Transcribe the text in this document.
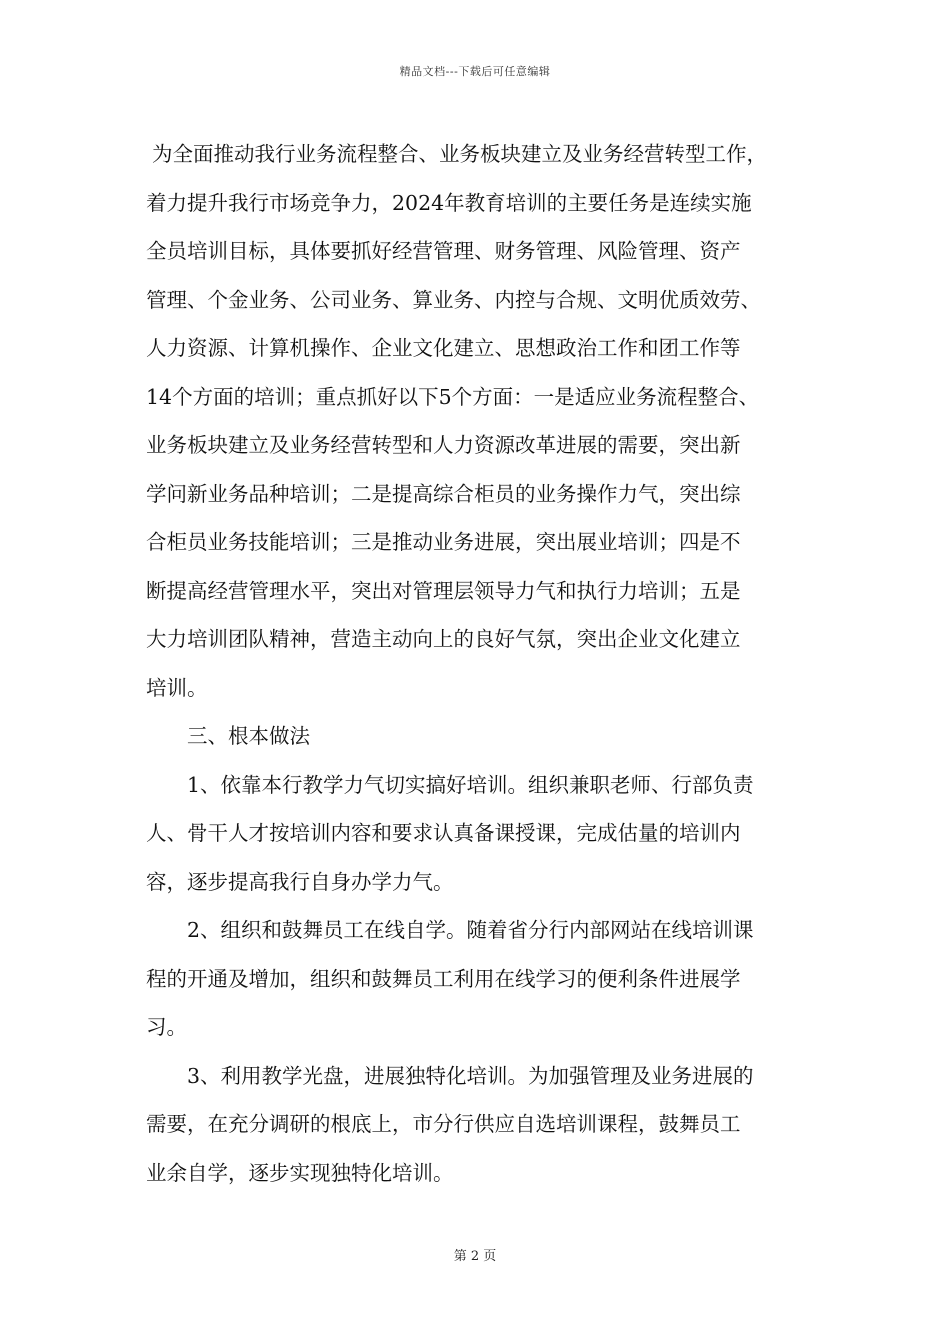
精品文档---下载后可任意编辑
为全面推动我行业务流程整合、业务板块建立及业务经营转型工作，
着力提升我行市场竞争力，2024年教育培训的主要任务是连续实施
全员培训目标，具体要抓好经营管理、财务管理、风险管理、资产
管理、个金业务、公司业务、算业务、内控与合规、文明优质效劳、
人力资源、计算机操作、企业文化建立、思想政治工作和团工作等
14个方面的培训；重点抓好以下5个方面：一是适应业务流程整合、
业务板块建立及业务经营转型和人力资源改革进展的需要，突出新
学问新业务品种培训；二是提高综合柜员的业务操作力气，突出综
合柜员业务技能培训；三是推动业务进展，突出展业培训；四是不
断提高经营管理水平，突出对管理层领导力气和执行力培训；五是
大力培训团队精神，营造主动向上的良好气氛，突出企业文化建立
培训。
三、根本做法
1、依靠本行教学力气切实搞好培训。组织兼职老师、行部负责
人、骨干人才按培训内容和要求认真备课授课，完成估量的培训内
容，逐步提高我行自身办学力气。
2、组织和鼓舞员工在线自学。随着省分行内部网站在线培训课
程的开通及增加，组织和鼓舞员工利用在线学习的便利条件进展学
习。
3、利用教学光盘，进展独特化培训。为加强管理及业务进展的
需要，在充分调研的根底上，市分行供应自选培训课程，鼓舞员工
业余自学，逐步实现独特化培训。
第 2 页
